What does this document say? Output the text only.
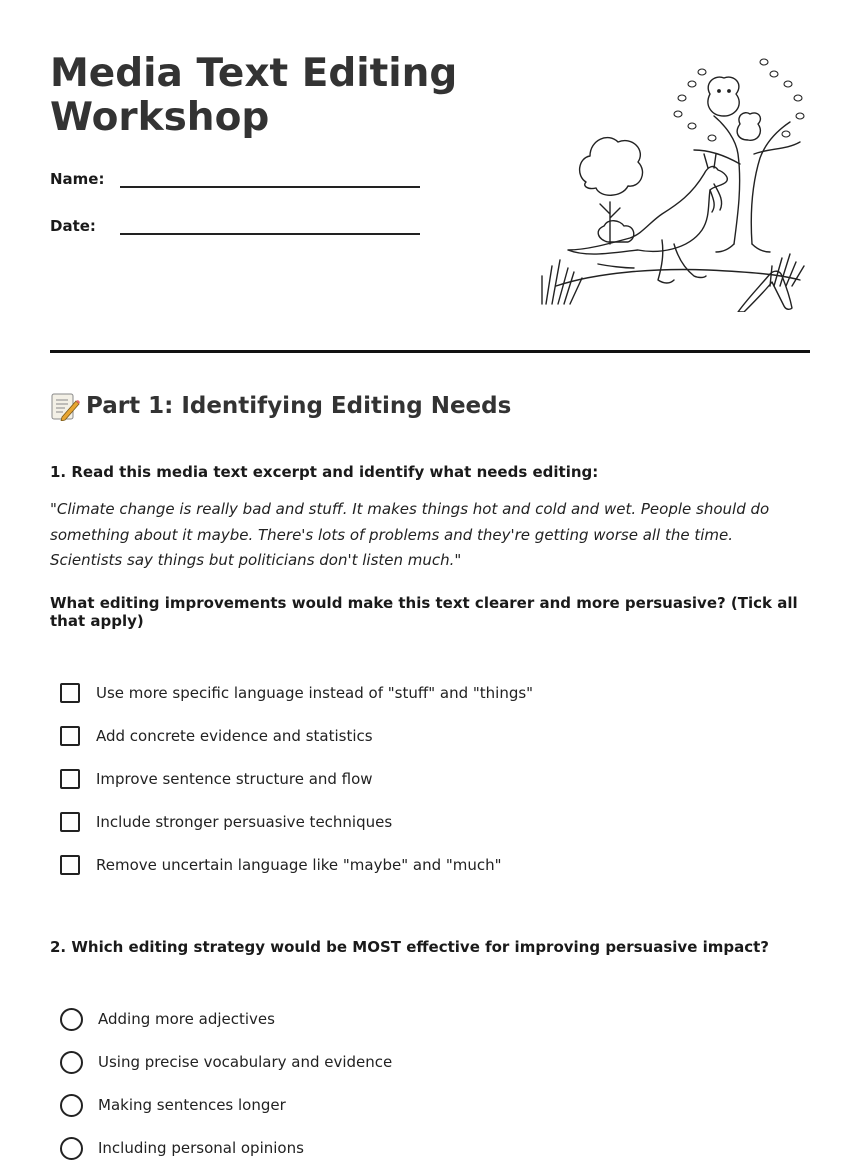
Media Text Editing Workshop
Name:
Date:
Part 1: Identifying Editing Needs

1. Read this media text excerpt and identify what needs editing:

"Climate change is really bad and stuff. It makes things hot and cold and wet. People should do something about it maybe. There's lots of problems and they're getting worse all the time. Scientists say things but politicians don't listen much."

What editing improvements would make this text clearer and more persuasive? (Tick all that apply)

Use more specific language instead of "stuff" and "things"
Add concrete evidence and statistics
Improve sentence structure and flow
Include stronger persuasive techniques
Remove uncertain language like "maybe" and "much"

2. Which editing strategy would be MOST effective for improving persuasive impact?

Adding more adjectives
Using precise vocabulary and evidence
Making sentences longer
Including personal opinions
